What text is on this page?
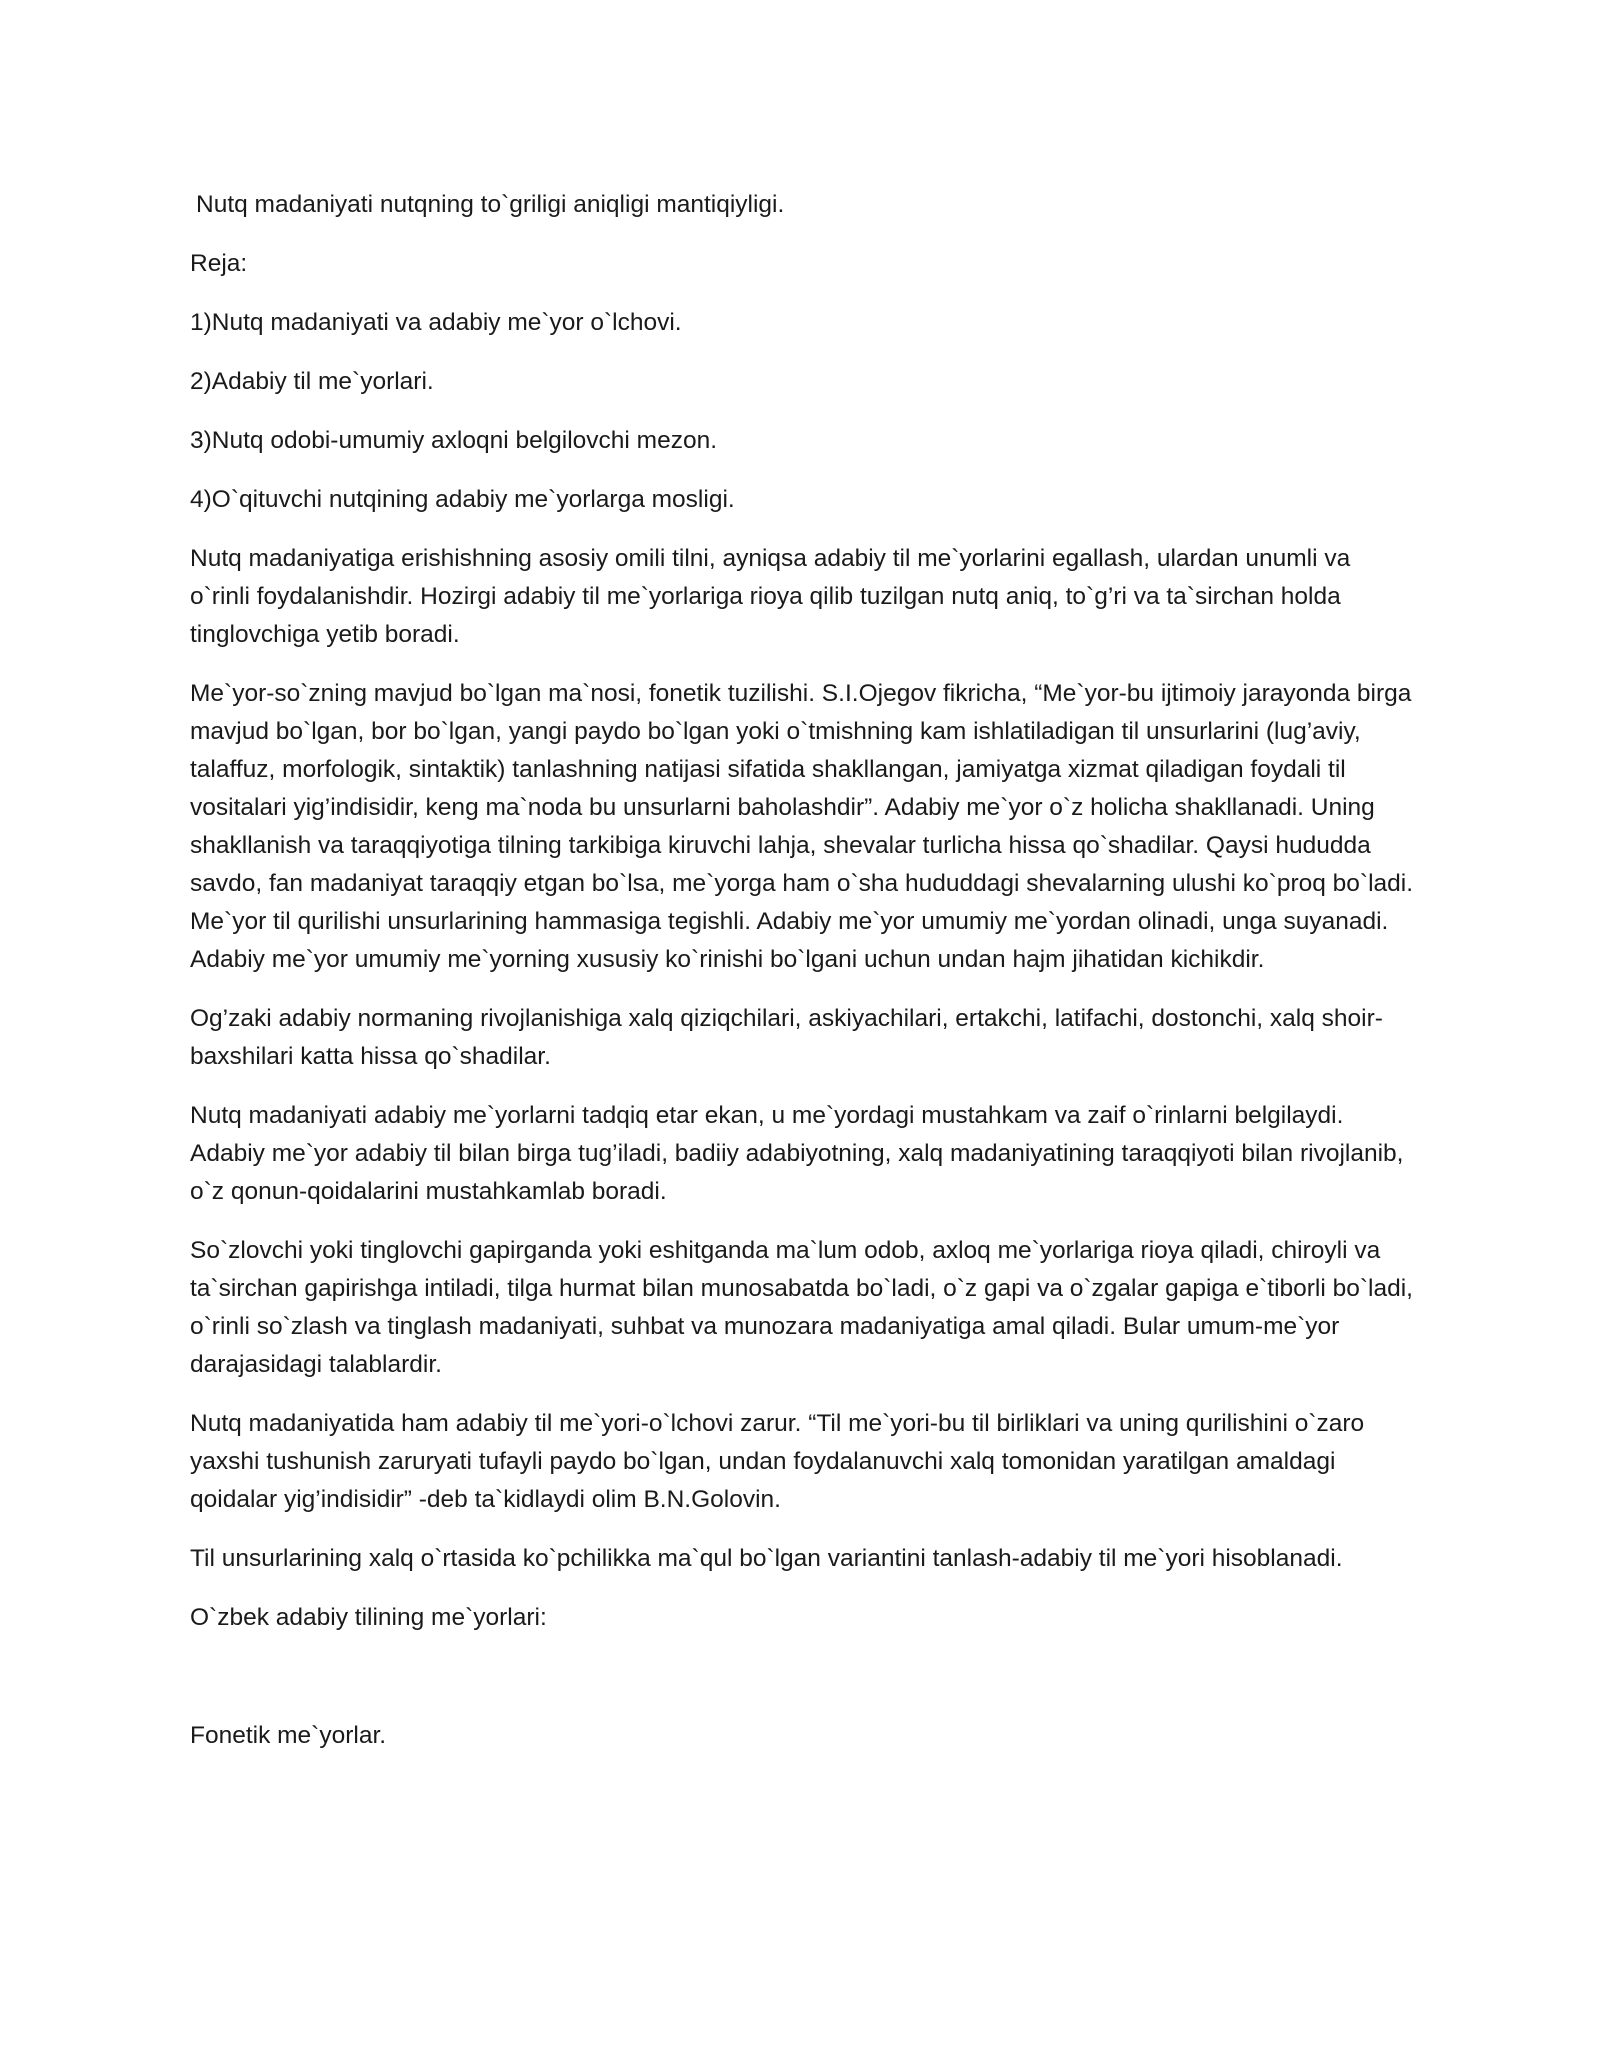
Nutq madaniyati nutqning to`griligi aniqligi mantiqiyligi.

Reja:

1)Nutq madaniyati va adabiy me`yor o`lchovi.

2)Adabiy til me`yorlari.

3)Nutq odobi-umumiy axloqni belgilovchi mezon.

4)O`qituvchi nutqining adabiy me`yorlarga mosligi.

Nutq madaniyatiga erishishning asosiy omili tilni, ayniqsa adabiy til me`yorlarini egallash, ulardan unumli va o`rinli foydalanishdir. Hozirgi adabiy til me`yorlariga rioya qilib tuzilgan nutq aniq, to`g’ri va ta`sirchan holda tinglovchiga yetib boradi.

Me`yor-so`zning mavjud bo`lgan ma`nosi, fonetik tuzilishi. S.I.Ojegov fikricha, “Me`yor-bu ijtimoiy jarayonda birga mavjud bo`lgan, bor bo`lgan, yangi paydo bo`lgan yoki o`tmishning kam ishlatiladigan til unsurlarini (lug’aviy, talaffuz, morfologik, sintaktik) tanlashning natijasi sifatida shakllangan, jamiyatga xizmat qiladigan foydali til vositalari yig’indisidir, keng ma`noda bu unsurlarni baholashdir”. Adabiy me`yor o`z holicha shakllanadi. Uning shakllanish va taraqqiyotiga tilning tarkibiga kiruvchi lahja, shevalar turlicha hissa qo`shadilar. Qaysi hududda savdo, fan madaniyat taraqqiy etgan bo`lsa, me`yorga ham o`sha hududdagi shevalarning ulushi ko`proq bo`ladi. Me`yor til qurilishi unsurlarining hammasiga tegishli. Adabiy me`yor umumiy me`yordan olinadi, unga suyanadi. Adabiy me`yor umumiy me`yorning xususiy ko`rinishi bo`lgani uchun undan hajm jihatidan kichikdir.

Og’zaki adabiy normaning rivojlanishiga xalq qiziqchilari, askiyachilari, ertakchi, latifachi, dostonchi, xalq shoir-baxshilari katta hissa qo`shadilar.

Nutq madaniyati adabiy me`yorlarni tadqiq etar ekan, u me`yordagi mustahkam va zaif o`rinlarni belgilaydi. Adabiy me`yor adabiy til bilan birga tug’iladi, badiiy adabiyotning, xalq madaniyatining taraqqiyoti bilan rivojlanib, o`z qonun-qoidalarini mustahkamlab boradi.

So`zlovchi yoki tinglovchi gapirganda yoki eshitganda ma`lum odob, axloq me`yorlariga rioya qiladi, chiroyli va ta`sirchan gapirishga intiladi, tilga hurmat bilan munosabatda bo`ladi, o`z gapi va o`zgalar gapiga e`tiborli bo`ladi, o`rinli so`zlash va tinglash madaniyati, suhbat va munozara madaniyatiga amal qiladi. Bular umum-me`yor darajasidagi talablardir.

Nutq madaniyatida ham adabiy til me`yori-o`lchovi zarur. “Til me`yori-bu til birliklari va uning qurilishini o`zaro yaxshi tushunish zaruryati tufayli paydo bo`lgan, undan foydalanuvchi xalq tomonidan yaratilgan amaldagi qoidalar yig’indisidir” -deb ta`kidlaydi olim B.N.Golovin.

Til unsurlarining xalq o`rtasida ko`pchilikka ma`qul bo`lgan variantini tanlash-adabiy til me`yori hisoblanadi.

O`zbek adabiy tilining me`yorlari:

Fonetik me`yorlar.
